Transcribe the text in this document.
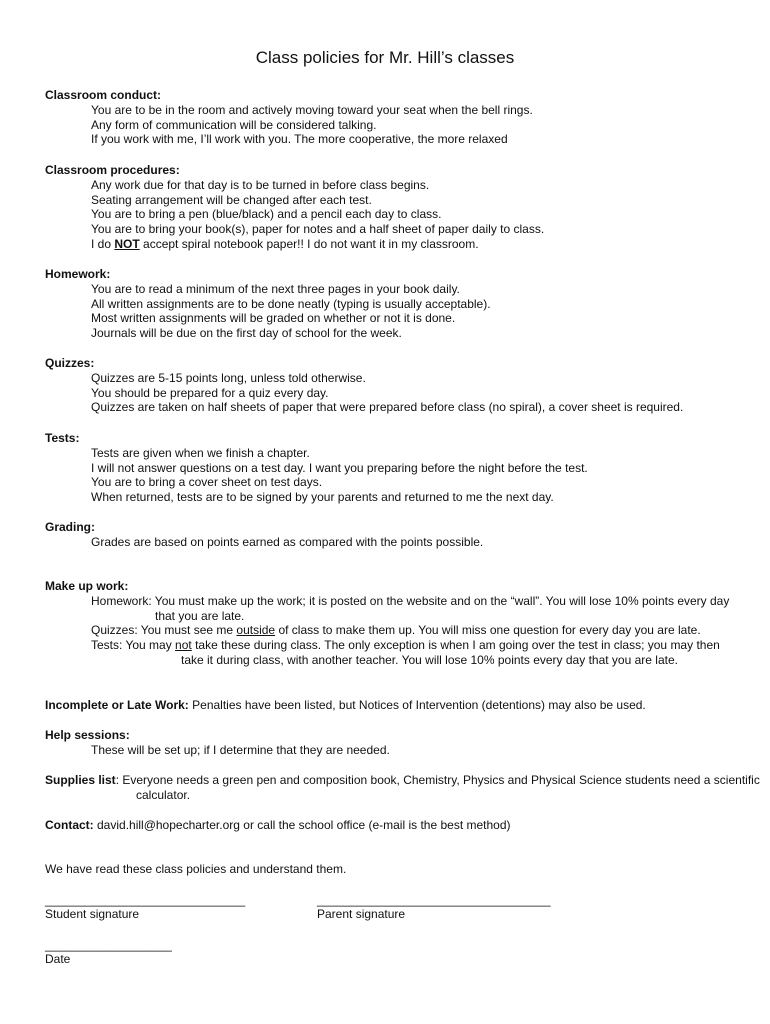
Class policies for Mr. Hill’s classes
Classroom conduct:
You are to be in the room and actively moving toward your seat when the bell rings.
Any form of communication will be considered talking.
If you work with me, I’ll work with you. The more cooperative, the more relaxed
Classroom procedures:
Any work due for that day is to be turned in before class begins.
Seating arrangement will be changed after each test.
You are to bring a pen (blue/black) and a pencil each day to class.
You are to bring your book(s), paper for notes and a half sheet of paper daily to class.
I do NOT accept spiral notebook paper!! I do not want it in my classroom.
Homework:
You are to read a minimum of the next three pages in your book daily.
All written assignments are to be done neatly (typing is usually acceptable).
Most written assignments will be graded on whether or not it is done.
Journals will be due on the first day of school for the week.
Quizzes:
Quizzes are 5-15 points long, unless told otherwise.
You should be prepared for a quiz every day.
Quizzes are taken on half sheets of paper that were prepared before class (no spiral), a cover sheet is required.
Tests:
Tests are given when we finish a chapter.
I will not answer questions on a test day. I want you preparing before the night before the test.
You are to bring a cover sheet on test days.
When returned, tests are to be signed by your parents and returned to me the next day.
Grading:
Grades are based on points earned as compared with the points possible.
Make up work:
Homework: You must make up the work; it is posted on the website and on the “wall”. You will lose 10% points every day that you are late.
Quizzes: You must see me outside of class to make them up. You will miss one question for every day you are late.
Tests: You may not take these during class. The only exception is when I am going over the test in class; you may then take it during class, with another teacher. You will lose 10% points every day that you are late.
Incomplete or Late Work: Penalties have been listed, but Notices of Intervention (detentions) may also be used.
Help sessions:
These will be set up; if I determine that they are needed.
Supplies list: Everyone needs a green pen and composition book, Chemistry, Physics and Physical Science students need a scientific calculator.
Contact: david.hill@hopecharter.org or call the school office (e-mail is the best method)
We have read these class policies and understand them.
______________________________
Student signature
___________________________________
Parent signature
___________________
Date
